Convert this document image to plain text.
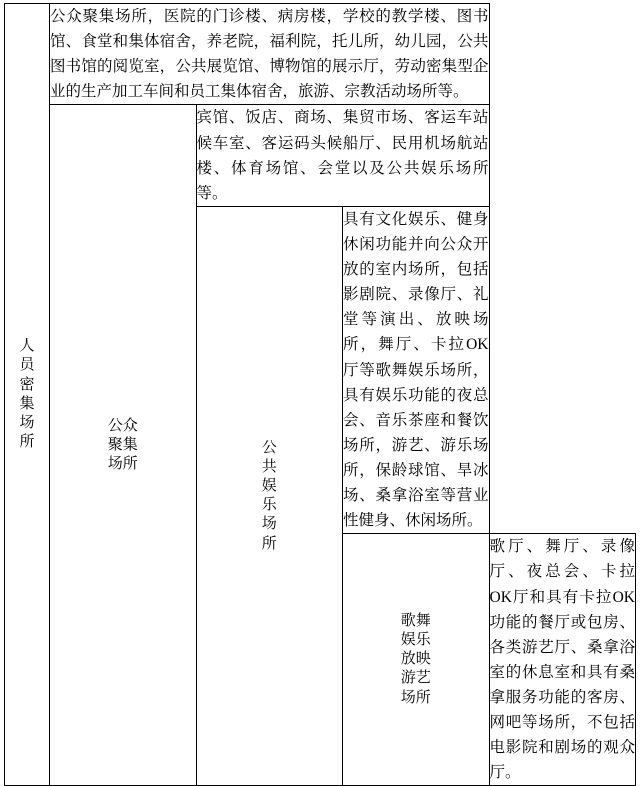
人员密集场所	公众聚集场所，医院的门诊楼、病房楼，学校的教学楼、图书馆、食堂和集体宿舍，养老院，福利院，托儿所，幼儿园，公共图书馆的阅览室，公共展览馆、博物馆的展示厅，劳动密集型企业的生产加工车间和员工集体宿舍，旅游、宗教活动场所等。			

	公众聚集场所	宾馆、饭店、商场、集贸市场、客运车站候车室、客运码头候船厅、民用机场航站楼、体育场馆、会堂以及公共娱乐场所等。		

		公共娱乐场所	具有文化娱乐、健身休闲功能并向公众开放的室内场所，包括影剧院、录像厅、礼堂等演出、放映场所，舞厅、卡拉OK厅等歌舞娱乐场所，具有娱乐功能的夜总会、音乐茶座和餐饮场所，游艺、游乐场所，保龄球馆、旱冰场、桑拿浴室等营业性健身、休闲场所。	

			歌舞娱乐放映游艺场所	歌厅、舞厅、录像厅、夜总会、卡拉OK厅和具有卡拉OK功能的餐厅或包房、各类游艺厅、桑拿浴室的休息室和具有桑拿服务功能的客房、网吧等场所，不包括电影院和剧场的观众厅。
